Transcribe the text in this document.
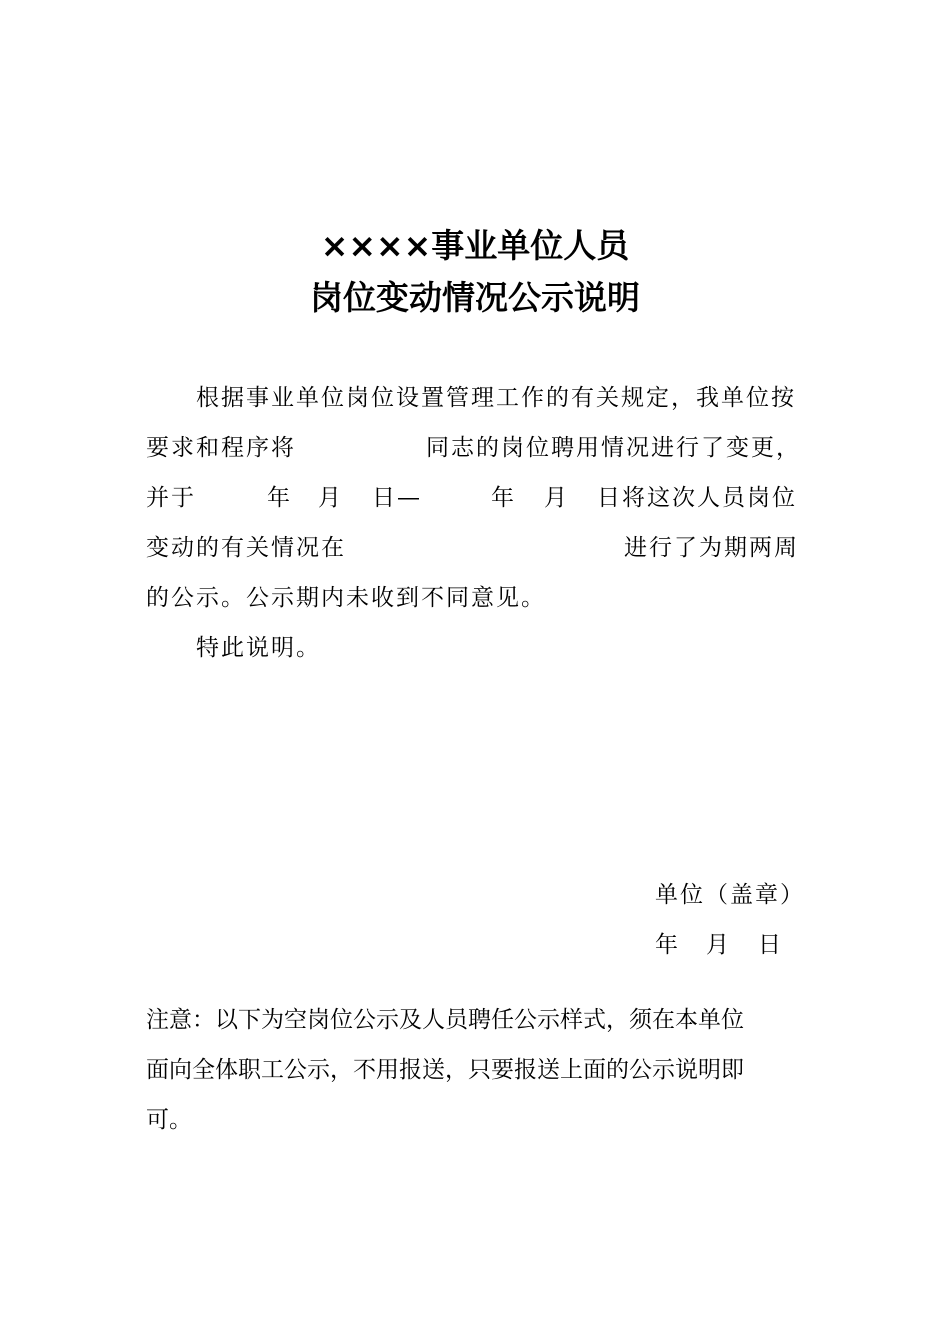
××××事业单位人员
岗位变动情况公示说明
根据事业单位岗位设置管理工作的有关规定，我单位按
要求和程序将	同志的岗位聘用情况进行了变更，
并于	年 月 日—	年 月 日将这次人员岗位
变动的有关情况在	进行了为期两周
的公示。公示期内未收到不同意见。
特此说明。
单位（盖章）
年 月 日
注意：以下为空岗位公示及人员聘任公示样式，须在本单位
面向全体职工公示，不用报送，只要报送上面的公示说明即
可。
